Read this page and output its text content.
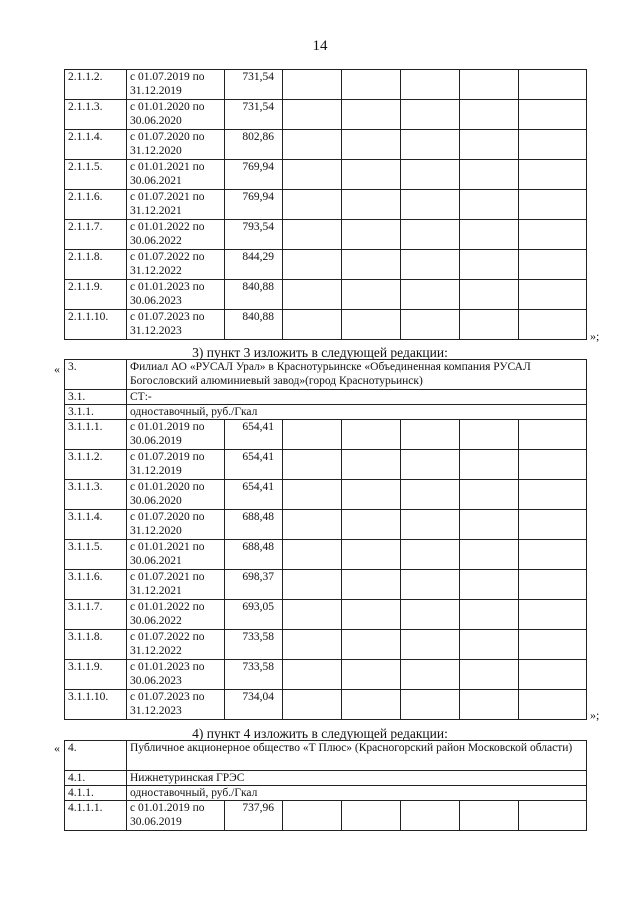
14
2.1.1.2.	с 01.07.2019 по 31.12.2019	731,54					
2.1.1.3.	с 01.01.2020 по 30.06.2020	731,54					
2.1.1.4.	с 01.07.2020 по 31.12.2020	802,86					
2.1.1.5.	с 01.01.2021 по 30.06.2021	769,94					
2.1.1.6.	с 01.07.2021 по 31.12.2021	769,94					
2.1.1.7.	с 01.01.2022 по 30.06.2022	793,54					
2.1.1.8.	с 01.07.2022 по 31.12.2022	844,29					
2.1.1.9.	с 01.01.2023 по 30.06.2023	840,88					
2.1.1.10.	с 01.07.2023 по 31.12.2023	840,88					
»;
3) пункт 3 изложить в следующей редакции:
« 3.	Филиал АО «РУСАЛ Урал» в Краснотурьинске «Объединенная компания РУСАЛ Богословский алюминиевый завод»(город Краснотурьинск)						
3.1.	СТ:-						
3.1.1.	одноставочный, руб./Гкал						
3.1.1.1.	с 01.01.2019 по 30.06.2019	654,41					
3.1.1.2.	с 01.07.2019 по 31.12.2019	654,41					
3.1.1.3.	с 01.01.2020 по 30.06.2020	654,41					
3.1.1.4.	с 01.07.2020 по 31.12.2020	688,48					
3.1.1.5.	с 01.01.2021 по 30.06.2021	688,48					
3.1.1.6.	с 01.07.2021 по 31.12.2021	698,37					
3.1.1.7.	с 01.01.2022 по 30.06.2022	693,05					
3.1.1.8.	с 01.07.2022 по 31.12.2022	733,58					
3.1.1.9.	с 01.01.2023 по 30.06.2023	733,58					
3.1.1.10.	с 01.07.2023 по 31.12.2023	734,04					
»;
4) пункт 4 изложить в следующей редакции:
« 4.	Публичное акционерное общество «Т Плюс» (Красногорский район Московской области)						
4.1.	Нижнетуринская ГРЭС						
4.1.1.	одноставочный, руб./Гкал						
4.1.1.1.	с 01.01.2019 по 30.06.2019	737,96					
